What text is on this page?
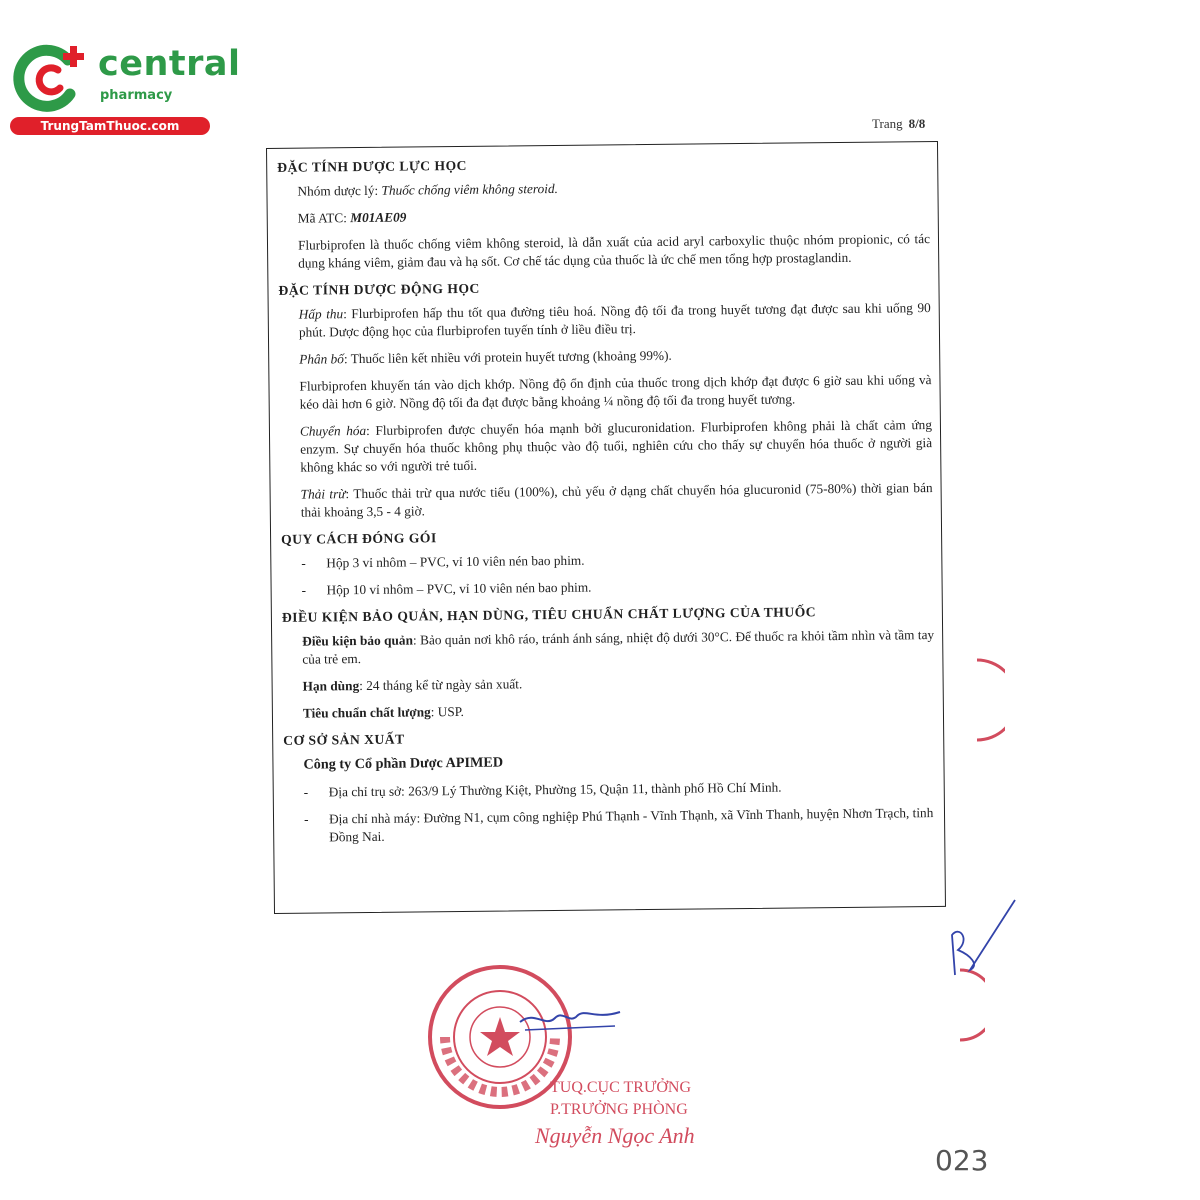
central
pharmacy
TrungTamThuoc.com	Trang 8/8
ĐẶC TÍNH DƯỢC LỰC HỌC
Nhóm dược lý: Thuốc chống viêm không steroid.
Mã ATC: M01AE09
Flurbiprofen là thuốc chống viêm không steroid, là dẫn xuất của acid aryl carboxylic thuộc nhóm propionic, có tác dụng kháng viêm, giảm đau và hạ sốt. Cơ chế tác dụng của thuốc là ức chế men tổng hợp prostaglandin.
ĐẶC TÍNH DƯỢC ĐỘNG HỌC
Hấp thu: Flurbiprofen hấp thu tốt qua đường tiêu hoá. Nồng độ tối đa trong huyết tương đạt được sau khi uống 90 phút. Dược động học của flurbiprofen tuyến tính ở liều điều trị.
Phân bố: Thuốc liên kết nhiều với protein huyết tương (khoảng 99%).
Flurbiprofen khuyến tán vào dịch khớp. Nồng độ ổn định của thuốc trong dịch khớp đạt được 6 giờ sau khi uống và kéo dài hơn 6 giờ. Nồng độ tối đa đạt được bằng khoảng ¼ nồng độ tối đa trong huyết tương.
Chuyển hóa: Flurbiprofen được chuyển hóa mạnh bởi glucuronidation. Flurbiprofen không phải là chất cảm ứng enzym. Sự chuyển hóa thuốc không phụ thuộc vào độ tuổi, nghiên cứu cho thấy sự chuyển hóa thuốc ở người già không khác so với người trẻ tuổi.
Thải trừ: Thuốc thải trừ qua nước tiểu (100%), chủ yếu ở dạng chất chuyển hóa glucuronid (75-80%) thời gian bán thải khoảng 3,5 - 4 giờ.
QUY CÁCH ĐÓNG GÓI
- Hộp 3 vỉ nhôm – PVC, vỉ 10 viên nén bao phim.
- Hộp 10 vỉ nhôm – PVC, vỉ 10 viên nén bao phim.
ĐIỀU KIỆN BẢO QUẢN, HẠN DÙNG, TIÊU CHUẨN CHẤT LƯỢNG CỦA THUỐC
Điều kiện bảo quản: Bảo quản nơi khô ráo, tránh ánh sáng, nhiệt độ dưới 30°C. Để thuốc ra khỏi tầm nhìn và tầm tay của trẻ em.
Hạn dùng: 24 tháng kể từ ngày sản xuất.
Tiêu chuẩn chất lượng: USP.
CƠ SỞ SẢN XUẤT
Công ty Cổ phần Dược APIMED
- Địa chỉ trụ sở: 263/9 Lý Thường Kiệt, Phường 15, Quận 11, thành phố Hồ Chí Minh.
- Địa chỉ nhà máy: Đường N1, cụm công nghiệp Phú Thạnh - Vĩnh Thạnh, xã Vĩnh Thanh, huyện Nhơn Trạch, tỉnh Đồng Nai.
023
TUQ.CỤC TRƯỞNG
P.TRƯỞNG PHÒNG
Nguyễn Ngọc Anh
